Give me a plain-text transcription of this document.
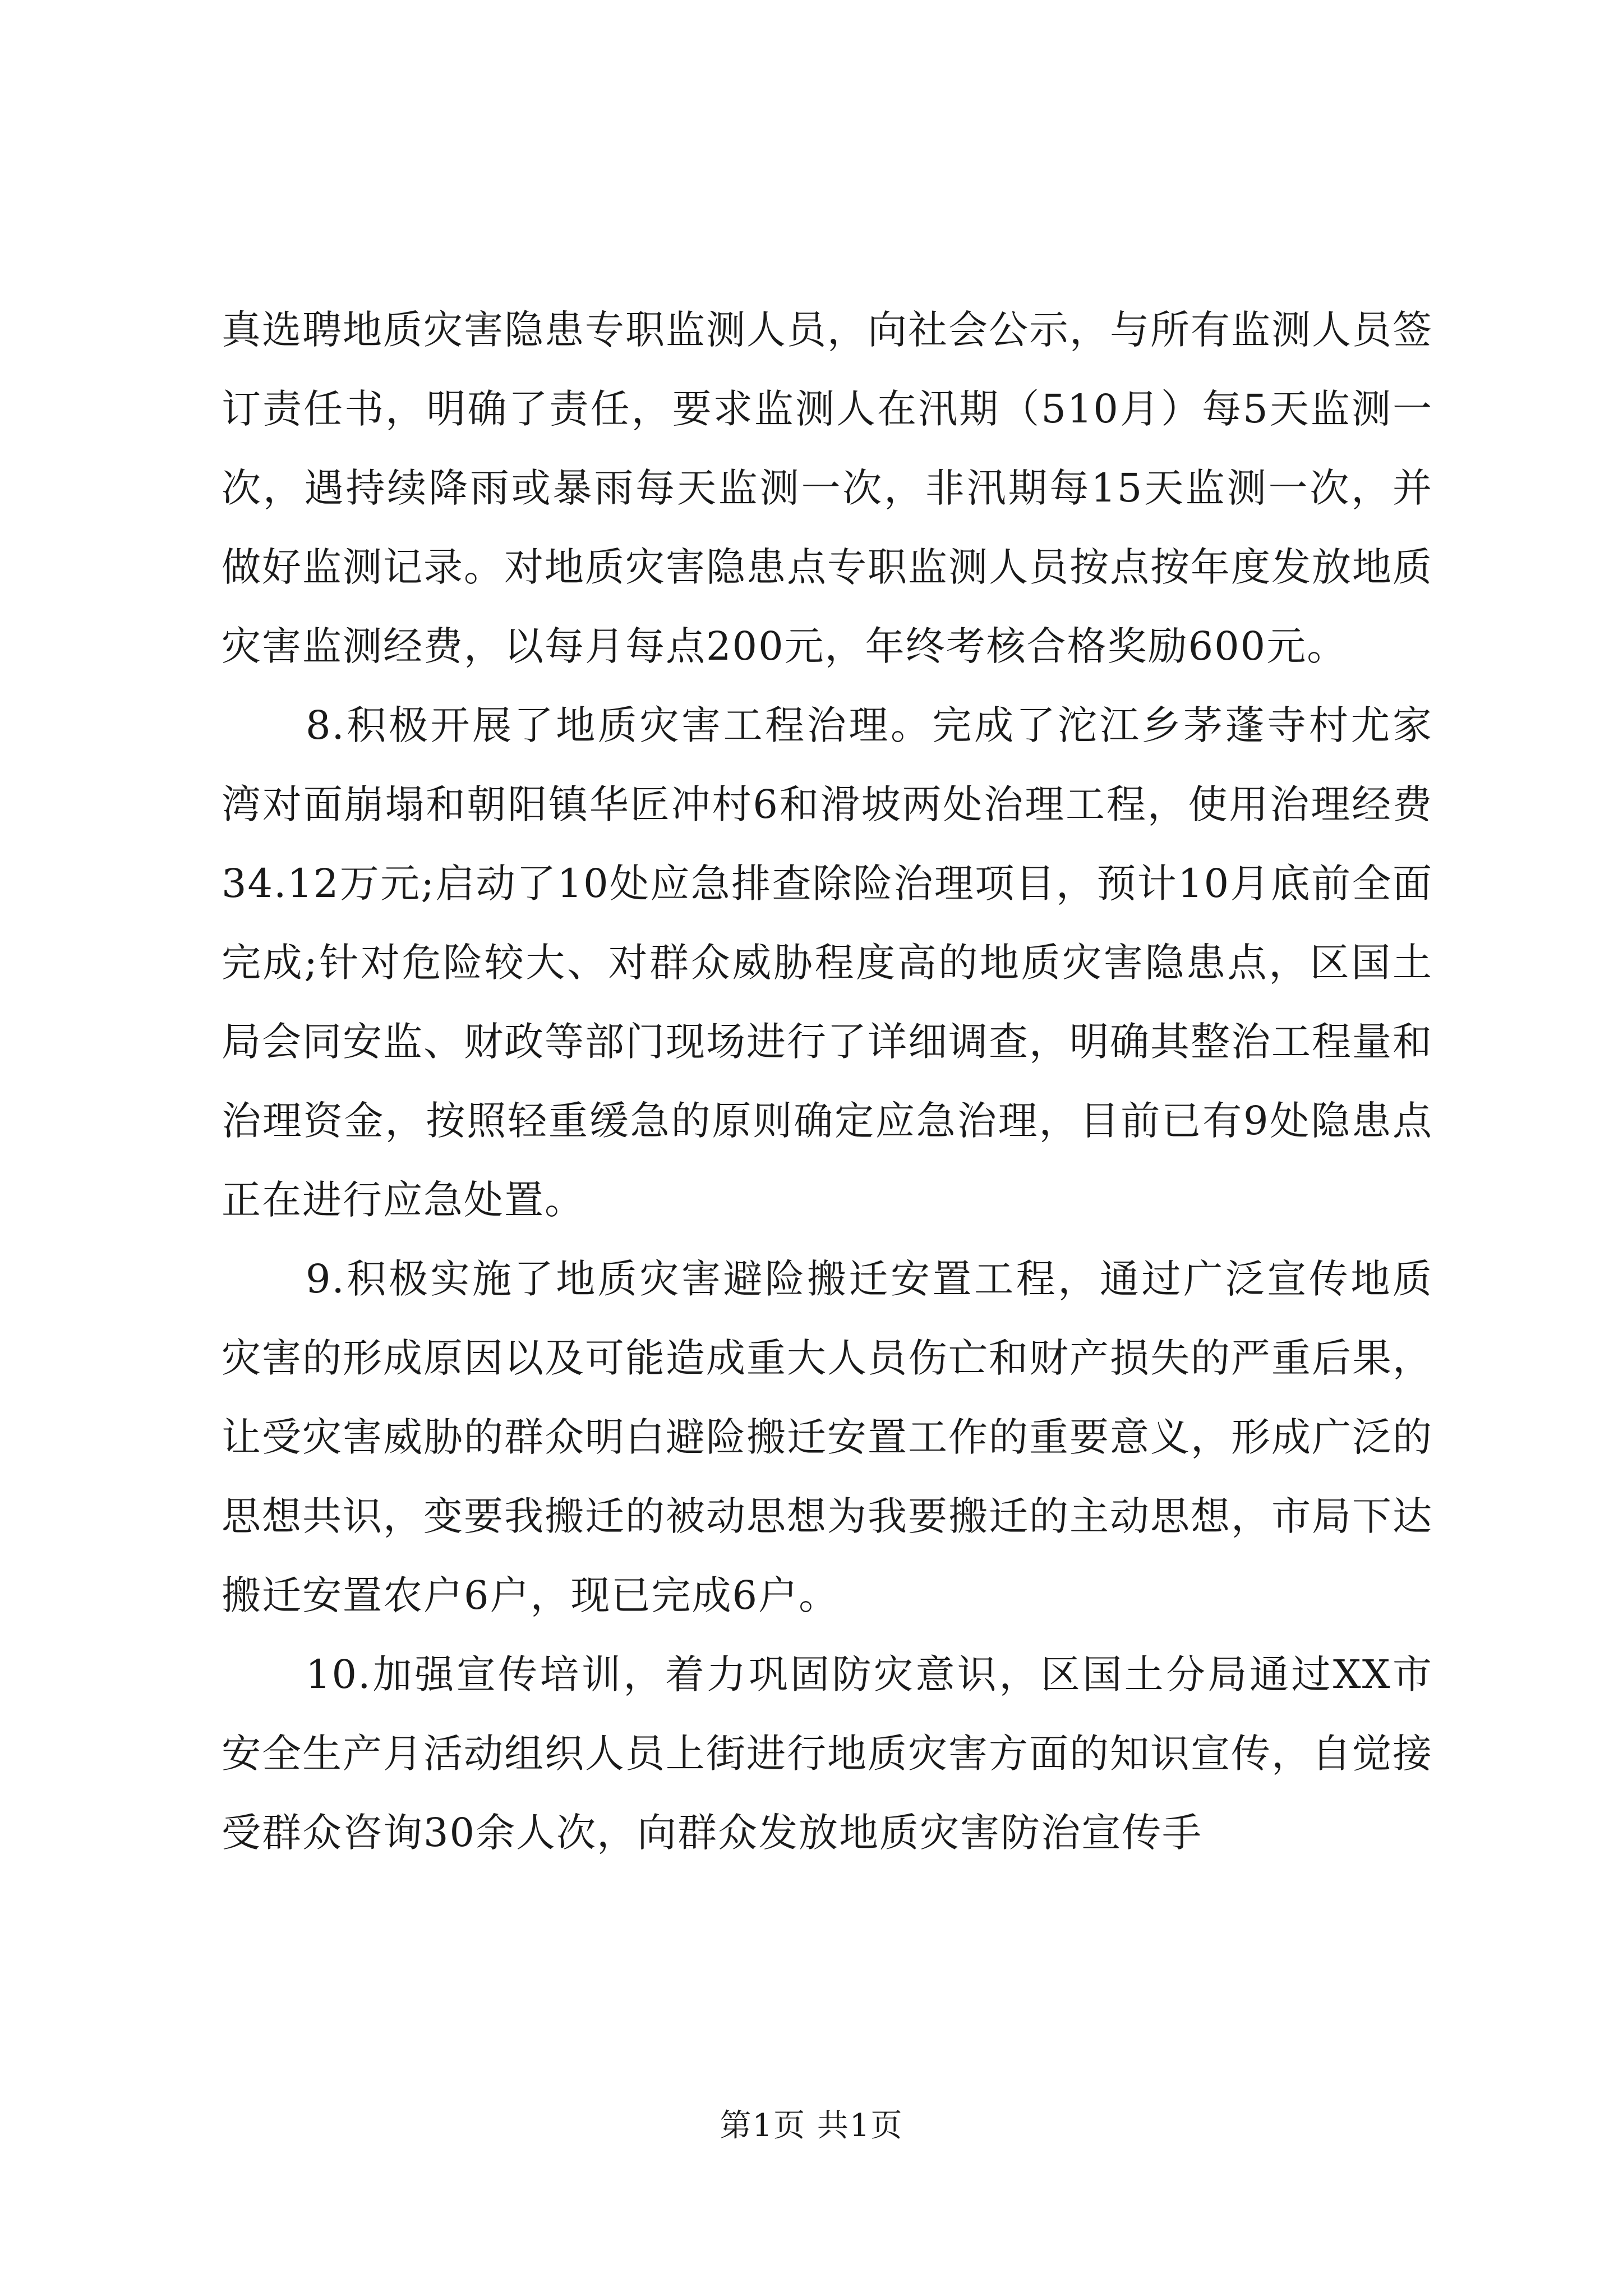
真选聘地质灾害隐患专职监测人员，向社会公示，与所有监测人员签订责任书，明确了责任，要求监测人在汛期（510月）每5天监测一次，遇持续降雨或暴雨每天监测一次，非汛期每15天监测一次，并做好监测记录。对地质灾害隐患点专职监测人员按点按年度发放地质灾害监测经费，以每月每点200元，年终考核合格奖励600元。

8.积极开展了地质灾害工程治理。完成了沱江乡茅蓬寺村尤家湾对面崩塌和朝阳镇华匠冲村6和滑坡两处治理工程，使用治理经费34.12万元;启动了10处应急排查除险治理项目，预计10月底前全面完成;针对危险较大、对群众威胁程度高的地质灾害隐患点，区国土局会同安监、财政等部门现场进行了详细调查，明确其整治工程量和治理资金，按照轻重缓急的原则确定应急治理，目前已有9处隐患点正在进行应急处置。

9.积极实施了地质灾害避险搬迁安置工程，通过广泛宣传地质灾害的形成原因以及可能造成重大人员伤亡和财产损失的严重后果，让受灾害威胁的群众明白避险搬迁安置工作的重要意义，形成广泛的思想共识，变要我搬迁的被动思想为我要搬迁的主动思想，市局下达搬迁安置农户6户，现已完成6户。

10.加强宣传培训，着力巩固防灾意识，区国土分局通过XX市安全生产月活动组织人员上街进行地质灾害方面的知识宣传，自觉接受群众咨询30余人次，向群众发放地质灾害防治宣传手

第1页 共1页
